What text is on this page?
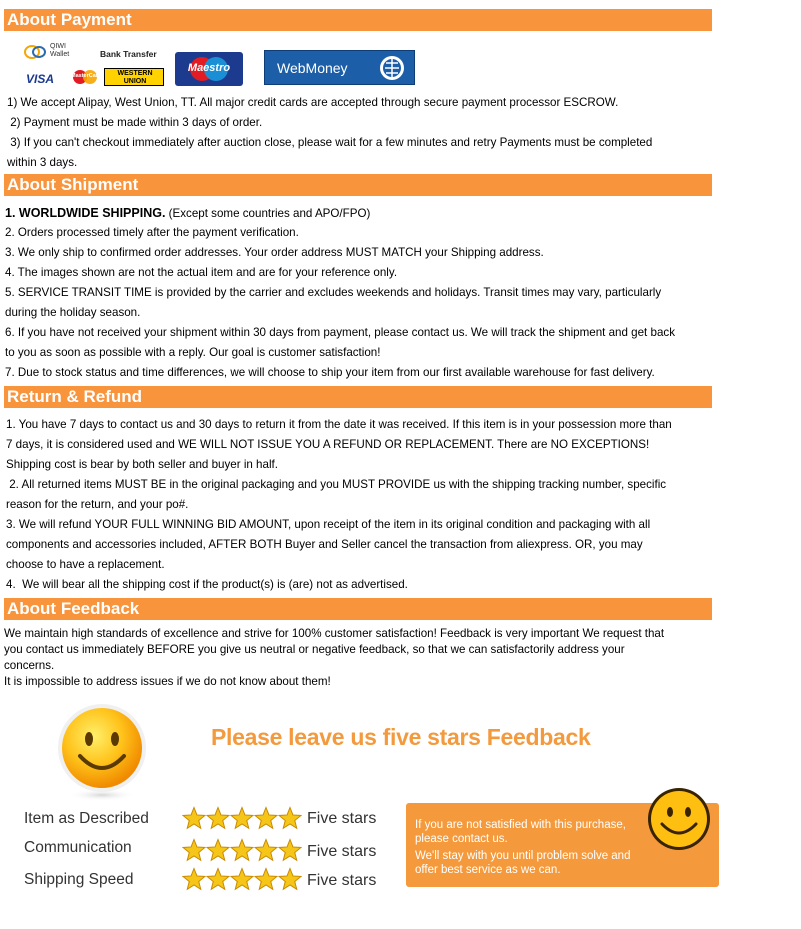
About Payment
QIWI Wallet	Bank Transfer
VISA	MasterCard	WESTERN UNION
Maestro	WebMoney
1) We accept Alipay, West Union, TT. All major credit cards are accepted through secure payment processor ESCROW.
2) Payment must be made within 3 days of order.
3) If you can't checkout immediately after auction close, please wait for a few minutes and retry Payments must be completed
within 3 days.
About Shipment
1. WORLDWIDE SHIPPING. (Except some countries and APO/FPO)
2. Orders processed timely after the payment verification.
3. We only ship to confirmed order addresses. Your order address MUST MATCH your Shipping address.
4. The images shown are not the actual item and are for your reference only.
5. SERVICE TRANSIT TIME is provided by the carrier and excludes weekends and holidays. Transit times may vary, particularly
during the holiday season.
6. If you have not received your shipment within 30 days from payment, please contact us. We will track the shipment and get back
to you as soon as possible with a reply. Our goal is customer satisfaction!
7. Due to stock status and time differences, we will choose to ship your item from our first available warehouse for fast delivery.
Return & Refund
1. You have 7 days to contact us and 30 days to return it from the date it was received. If this item is in your possession more than
7 days, it is considered used and WE WILL NOT ISSUE YOU A REFUND OR REPLACEMENT. There are NO EXCEPTIONS!
Shipping cost is bear by both seller and buyer in half.
2. All returned items MUST BE in the original packaging and you MUST PROVIDE us with the shipping tracking number, specific
reason for the return, and your po#.
3. We will refund YOUR FULL WINNING BID AMOUNT, upon receipt of the item in its original condition and packaging with all
components and accessories included, AFTER BOTH Buyer and Seller cancel the transaction from aliexpress. OR, you may
choose to have a replacement.
4.  We will bear all the shipping cost if the product(s) is (are) not as advertised.
About Feedback
We maintain high standards of excellence and strive for 100% customer satisfaction! Feedback is very important We request that
you contact us immediately BEFORE you give us neutral or negative feedback, so that we can satisfactorily address your
concerns.
It is impossible to address issues if we do not know about them!
Please leave us five stars Feedback
Item as Described	Five stars
Communication	Five stars
Shipping Speed	Five stars
If you are not satisfied with this purchase,
please contact us.
We'll stay with you until problem solve and
offer best service as we can.
